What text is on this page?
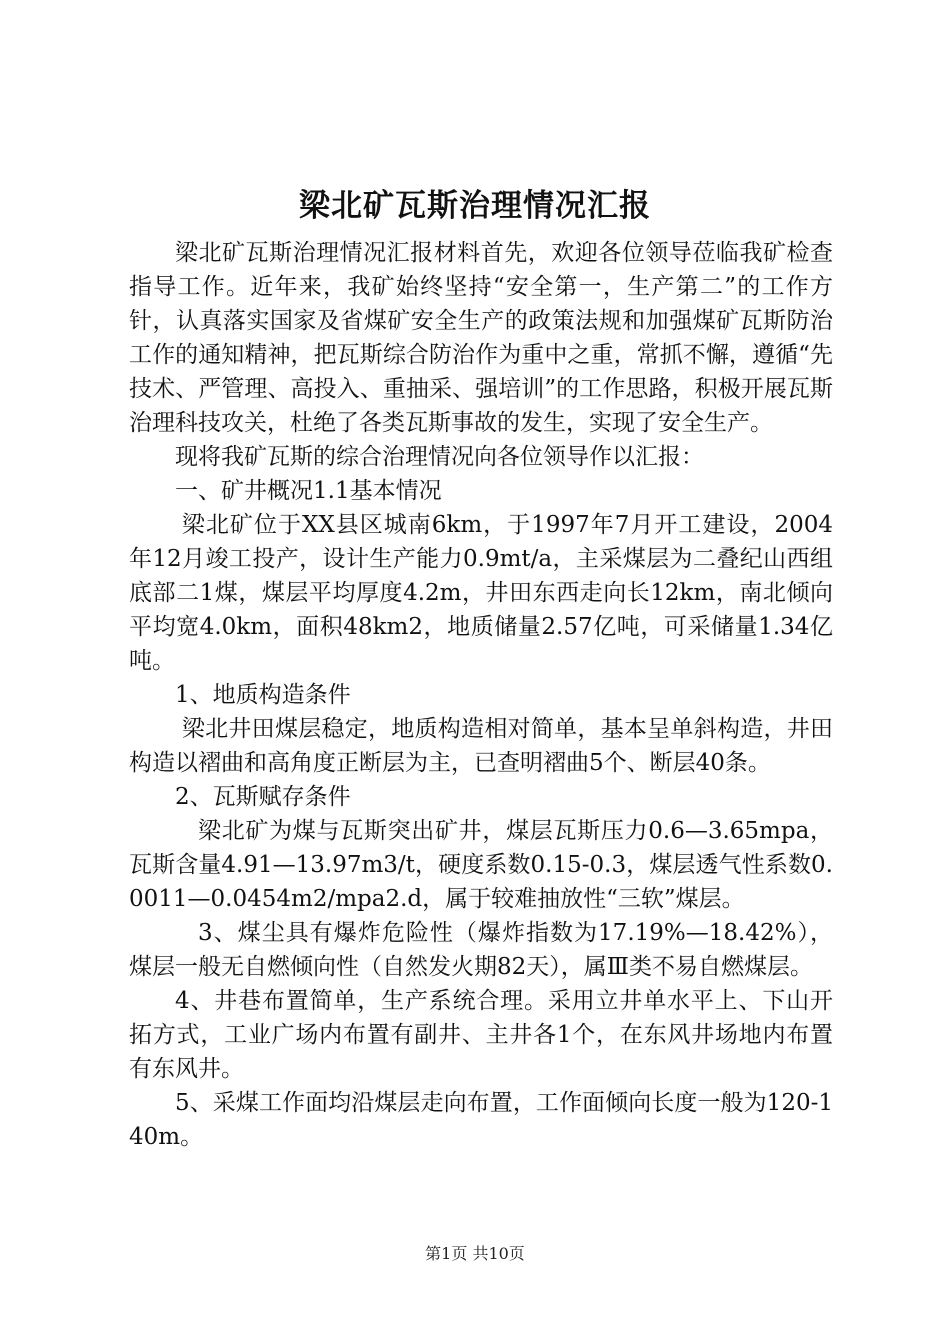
梁北矿瓦斯治理情况汇报

梁北矿瓦斯治理情况汇报材料首先，欢迎各位领导莅临我矿检查指导工作。近年来，我矿始终坚持“安全第一，生产第二”的工作方针，认真落实国家及省煤矿安全生产的政策法规和加强煤矿瓦斯防治工作的通知精神，把瓦斯综合防治作为重中之重，常抓不懈，遵循“先技术、严管理、高投入、重抽采、强培训”的工作思路，积极开展瓦斯治理科技攻关，杜绝了各类瓦斯事故的发生，实现了安全生产。

现将我矿瓦斯的综合治理情况向各位领导作以汇报：

一、矿井概况1.1基本情况

梁北矿位于XX县区城南6km，于1997年7月开工建设，2004年12月竣工投产，设计生产能力0.9mt/a，主采煤层为二叠纪山西组底部二1煤，煤层平均厚度4.2m，井田东西走向长12km，南北倾向平均宽4.0km，面积48km2，地质储量2.57亿吨，可采储量1.34亿吨。

1、地质构造条件

梁北井田煤层稳定，地质构造相对简单，基本呈单斜构造，井田构造以褶曲和高角度正断层为主，已查明褶曲5个、断层40条。

2、瓦斯赋存条件

梁北矿为煤与瓦斯突出矿井，煤层瓦斯压力0.6—3.65mpa，瓦斯含量4.91—13.97m3/t，硬度系数0.15-0.3，煤层透气性系数0.0011—0.0454m2/mpa2.d，属于较难抽放性“三软”煤层。

3、煤尘具有爆炸危险性（爆炸指数为17.19%—18.42%），煤层一般无自燃倾向性（自然发火期82天），属Ⅲ类不易自燃煤层。

4、井巷布置简单，生产系统合理。采用立井单水平上、下山开拓方式，工业广场内布置有副井、主井各1个，在东风井场地内布置有东风井。

5、采煤工作面均沿煤层走向布置，工作面倾向长度一般为120-140m。

第1页 共10页
